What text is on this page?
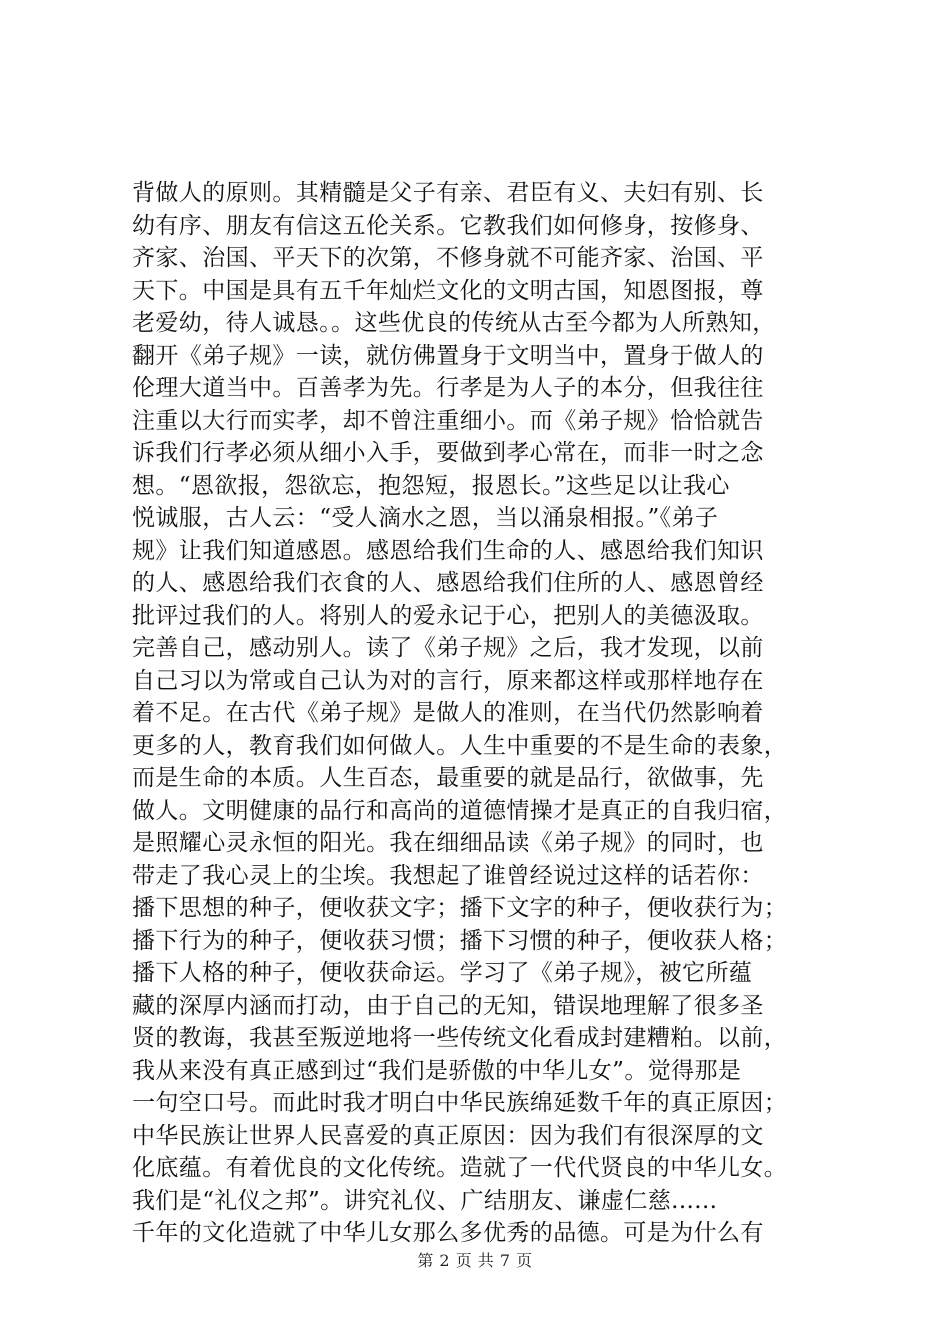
背做人的原则。其精髓是父子有亲、君臣有义、夫妇有别、长
幼有序、朋友有信这五伦关系。它教我们如何修身，按修身、
齐家、治国、平天下的次第，不修身就不可能齐家、治国、平
天下。中国是具有五千年灿烂文化的文明古国，知恩图报，尊
老爱幼，待人诚恳。。这些优良的传统从古至今都为人所熟知，
翻开《弟子规》一读，就仿佛置身于文明当中，置身于做人的
伦理大道当中。百善孝为先。行孝是为人子的本分，但我往往
注重以大行而实孝，却不曾注重细小。而《弟子规》恰恰就告
诉我们行孝必须从细小入手，要做到孝心常在，而非一时之念
想。“恩欲报，怨欲忘，抱怨短，报恩长。”这些足以让我心
悦诚服，古人云：“受人滴水之恩，当以涌泉相报。”《弟子
规》让我们知道感恩。感恩给我们生命的人、感恩给我们知识
的人、感恩给我们衣食的人、感恩给我们住所的人、感恩曾经
批评过我们的人。将别人的爱永记于心，把别人的美德汲取。
完善自己，感动别人。读了《弟子规》之后，我才发现，以前
自己习以为常或自己认为对的言行，原来都这样或那样地存在
着不足。在古代《弟子规》是做人的准则，在当代仍然影响着
更多的人，教育我们如何做人。人生中重要的不是生命的表象，
而是生命的本质。人生百态，最重要的就是品行，欲做事，先
做人。文明健康的品行和高尚的道德情操才是真正的自我归宿，
是照耀心灵永恒的阳光。我在细细品读《弟子规》的同时，也
带走了我心灵上的尘埃。我想起了谁曾经说过这样的话若你：
播下思想的种子，便收获文字；播下文字的种子，便收获行为；
播下行为的种子，便收获习惯；播下习惯的种子，便收获人格；
播下人格的种子，便收获命运。学习了《弟子规》，被它所蕴
藏的深厚内涵而打动，由于自己的无知，错误地理解了很多圣
贤的教诲，我甚至叛逆地将一些传统文化看成封建糟粕。以前，
我从来没有真正感到过“我们是骄傲的中华儿女”。觉得那是
一句空口号。而此时我才明白中华民族绵延数千年的真正原因；
中华民族让世界人民喜爱的真正原因：因为我们有很深厚的文
化底蕴。有着优良的文化传统。造就了一代代贤良的中华儿女。
我们是“礼仪之邦”。讲究礼仪、广结朋友、谦虚仁慈......
千年的文化造就了中华儿女那么多优秀的品德。可是为什么有
第 2 页 共 7 页
